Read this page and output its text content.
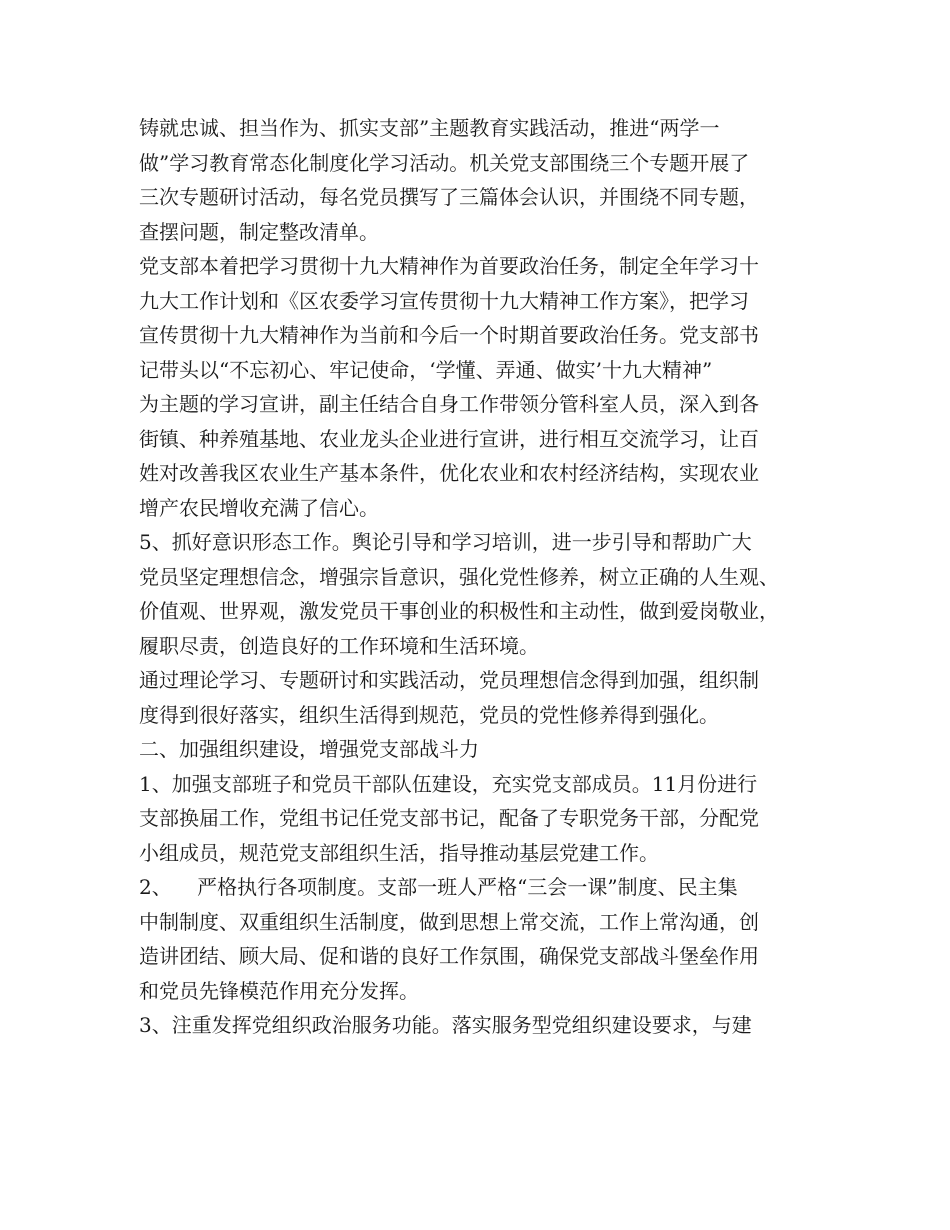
铸就忠诚、担当作为、抓实支部”主题教育实践活动，推进“两学一
做”学习教育常态化制度化学习活动。机关党支部围绕三个专题开展了
三次专题研讨活动，每名党员撰写了三篇体会认识，并围绕不同专题，
查摆问题，制定整改清单。
党支部本着把学习贯彻十九大精神作为首要政治任务，制定全年学习十
九大工作计划和《区农委学习宣传贯彻十九大精神工作方案》，把学习
宣传贯彻十九大精神作为当前和今后一个时期首要政治任务。党支部书
记带头以“不忘初心、牢记使命，‘学懂、弄通、做实’十九大精神”
为主题的学习宣讲，副主任结合自身工作带领分管科室人员，深入到各
街镇、种养殖基地、农业龙头企业进行宣讲，进行相互交流学习，让百
姓对改善我区农业生产基本条件，优化农业和农村经济结构，实现农业
增产农民增收充满了信心。
5、抓好意识形态工作。舆论引导和学习培训，进一步引导和帮助广大
党员坚定理想信念，增强宗旨意识，强化党性修养，树立正确的人生观、
价值观、世界观，激发党员干事创业的积极性和主动性，做到爱岗敬业，
履职尽责，创造良好的工作环境和生活环境。
通过理论学习、专题研讨和实践活动，党员理想信念得到加强，组织制
度得到很好落实，组织生活得到规范，党员的党性修养得到强化。
二、加强组织建设，增强党支部战斗力
1、加强支部班子和党员干部队伍建设，充实党支部成员。11月份进行
支部换届工作，党组书记任党支部书记，配备了专职党务干部，分配党
小组成员，规范党支部组织生活，指导推动基层党建工作。
2、    严格执行各项制度。支部一班人严格“三会一课”制度、民主集
中制制度、双重组织生活制度，做到思想上常交流，工作上常沟通，创
造讲团结、顾大局、促和谐的良好工作氛围，确保党支部战斗堡垒作用
和党员先锋模范作用充分发挥。
3、注重发挥党组织政治服务功能。落实服务型党组织建设要求，与建
